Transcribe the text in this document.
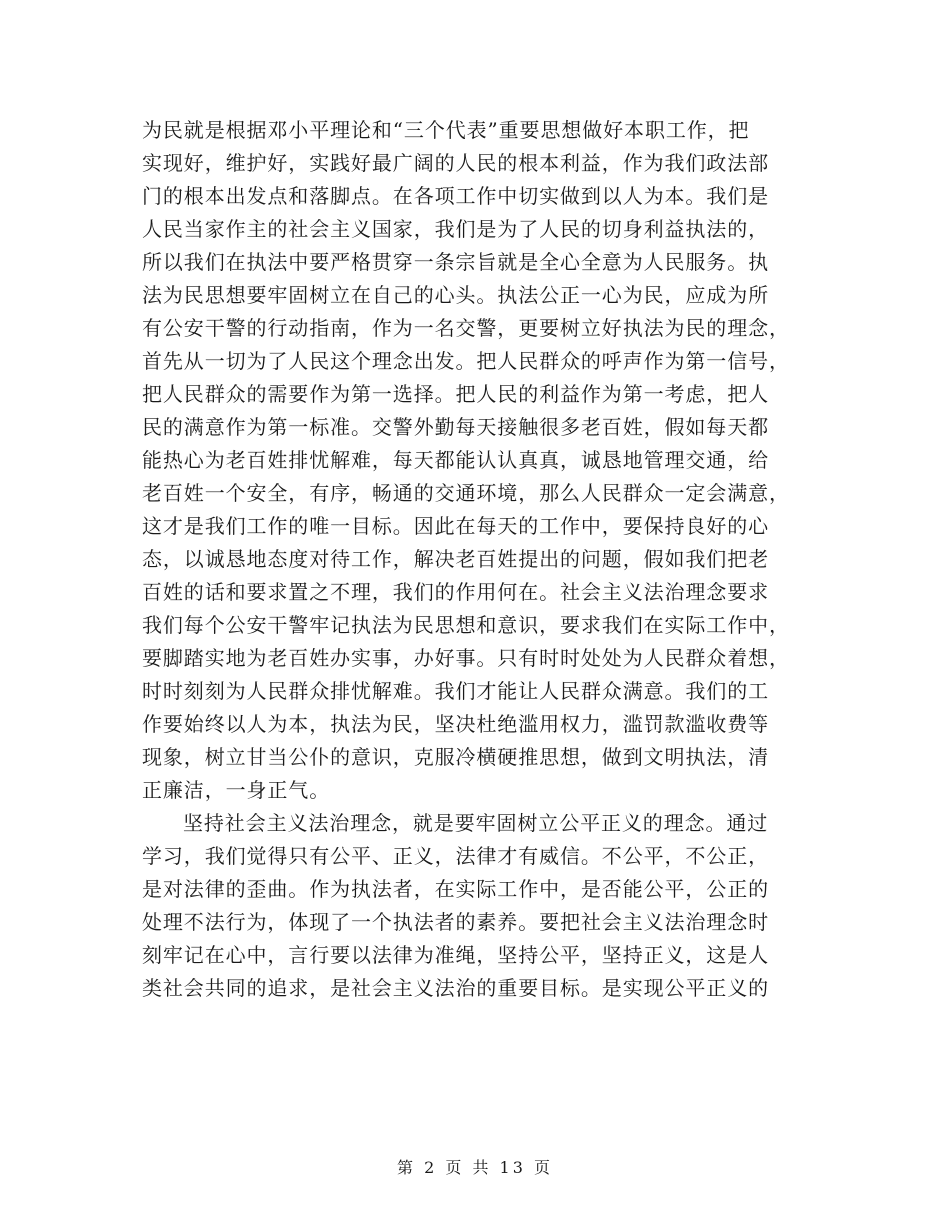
为民就是根据邓小平理论和“三个代表”重要思想做好本职工作，把
实现好，维护好，实践好最广阔的人民的根本利益，作为我们政法部
门的根本出发点和落脚点。在各项工作中切实做到以人为本。我们是
人民当家作主的社会主义国家，我们是为了人民的切身利益执法的，
所以我们在执法中要严格贯穿一条宗旨就是全心全意为人民服务。执
法为民思想要牢固树立在自己的心头。执法公正一心为民，应成为所
有公安干警的行动指南，作为一名交警，更要树立好执法为民的理念，
首先从一切为了人民这个理念出发。把人民群众的呼声作为第一信号，
把人民群众的需要作为第一选择。把人民的利益作为第一考虑，把人
民的满意作为第一标准。交警外勤每天接触很多老百姓，假如每天都
能热心为老百姓排忧解难，每天都能认认真真，诚恳地管理交通，给
老百姓一个安全，有序，畅通的交通环境，那么人民群众一定会满意，
这才是我们工作的唯一目标。因此在每天的工作中，要保持良好的心
态，以诚恳地态度对待工作，解决老百姓提出的问题，假如我们把老
百姓的话和要求置之不理，我们的作用何在。社会主义法治理念要求
我们每个公安干警牢记执法为民思想和意识，要求我们在实际工作中，
要脚踏实地为老百姓办实事，办好事。只有时时处处为人民群众着想，
时时刻刻为人民群众排忧解难。我们才能让人民群众满意。我们的工
作要始终以人为本，执法为民，坚决杜绝滥用权力，滥罚款滥收费等
现象，树立甘当公仆的意识，克服冷横硬推思想，做到文明执法，清
正廉洁，一身正气。
坚持社会主义法治理念，就是要牢固树立公平正义的理念。通过
学习，我们觉得只有公平、正义，法律才有威信。不公平，不公正，
是对法律的歪曲。作为执法者，在实际工作中，是否能公平，公正的
处理不法行为，体现了一个执法者的素养。要把社会主义法治理念时
刻牢记在心中，言行要以法律为准绳，坚持公平，坚持正义，这是人
类社会共同的追求，是社会主义法治的重要目标。是实现公平正义的
第 2 页 共 13 页
